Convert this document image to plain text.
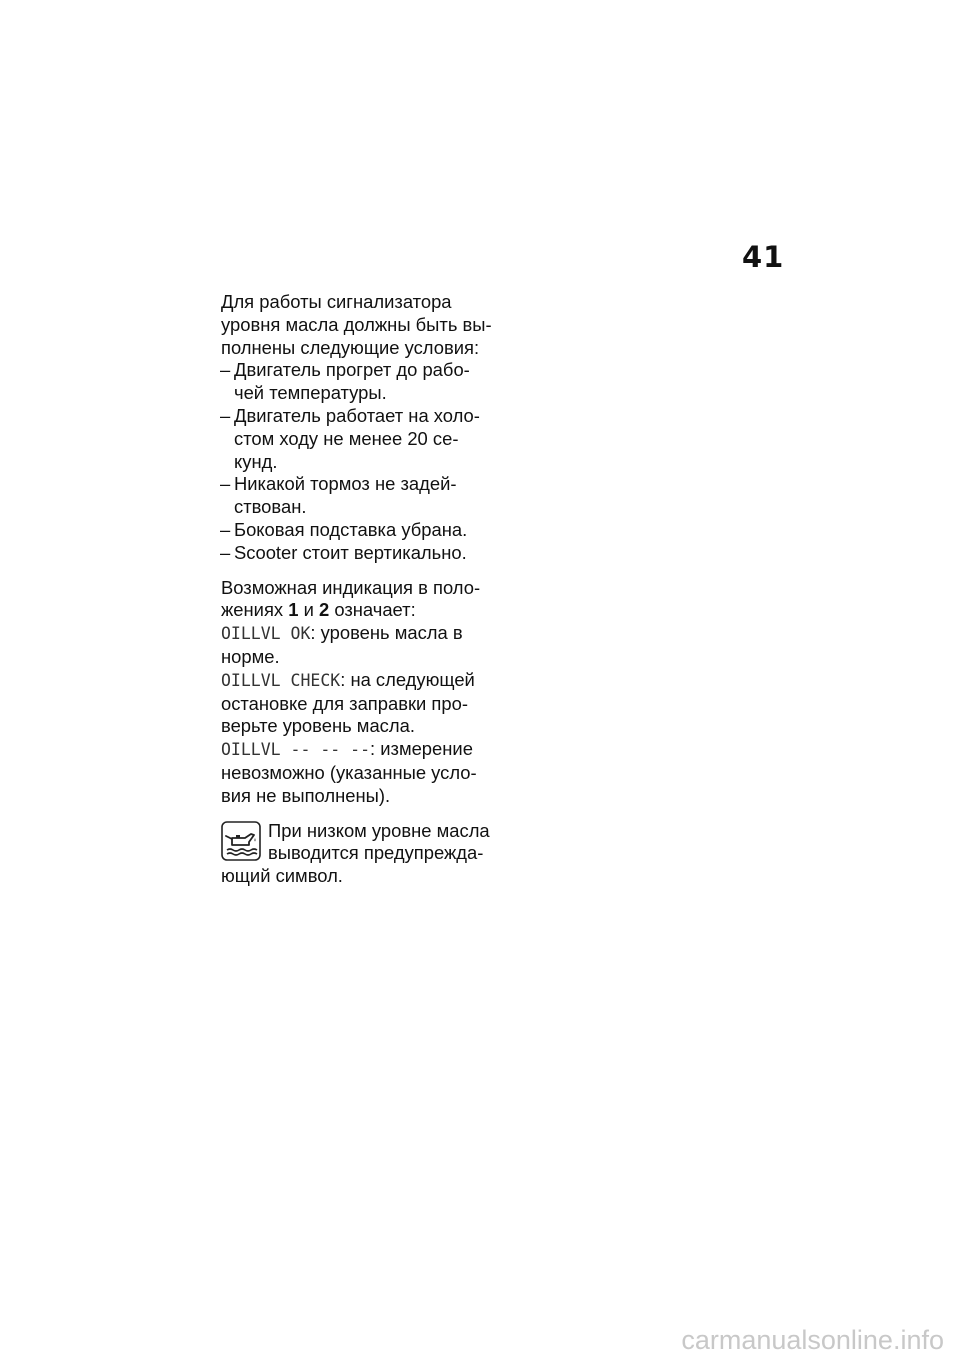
41

Для работы сигнализатора
уровня масла должны быть вы-
полнены следующие условия:

– Двигатель прогрет до рабо-
чей температуры.
– Двигатель работает на холо-
стом ходу не менее 20 се-
кунд.
– Никакой тормоз не задей-
ствован.
– Боковая подставка убрана.
– Scooter стоит вертикально.

Возможная индикация в поло-
жениях 1 и 2 означает:
OILLVL OK: уровень масла в
норме.
OILLVL CHECK: на следующей
остановке для заправки про-
верьте уровень масла.
OILLVL -- -- --: измерение
невозможно (указанные усло-
вия не выполнены).

При низком уровне масла
выводится предупрежда-
ющий символ.
carmanualsonline.info
